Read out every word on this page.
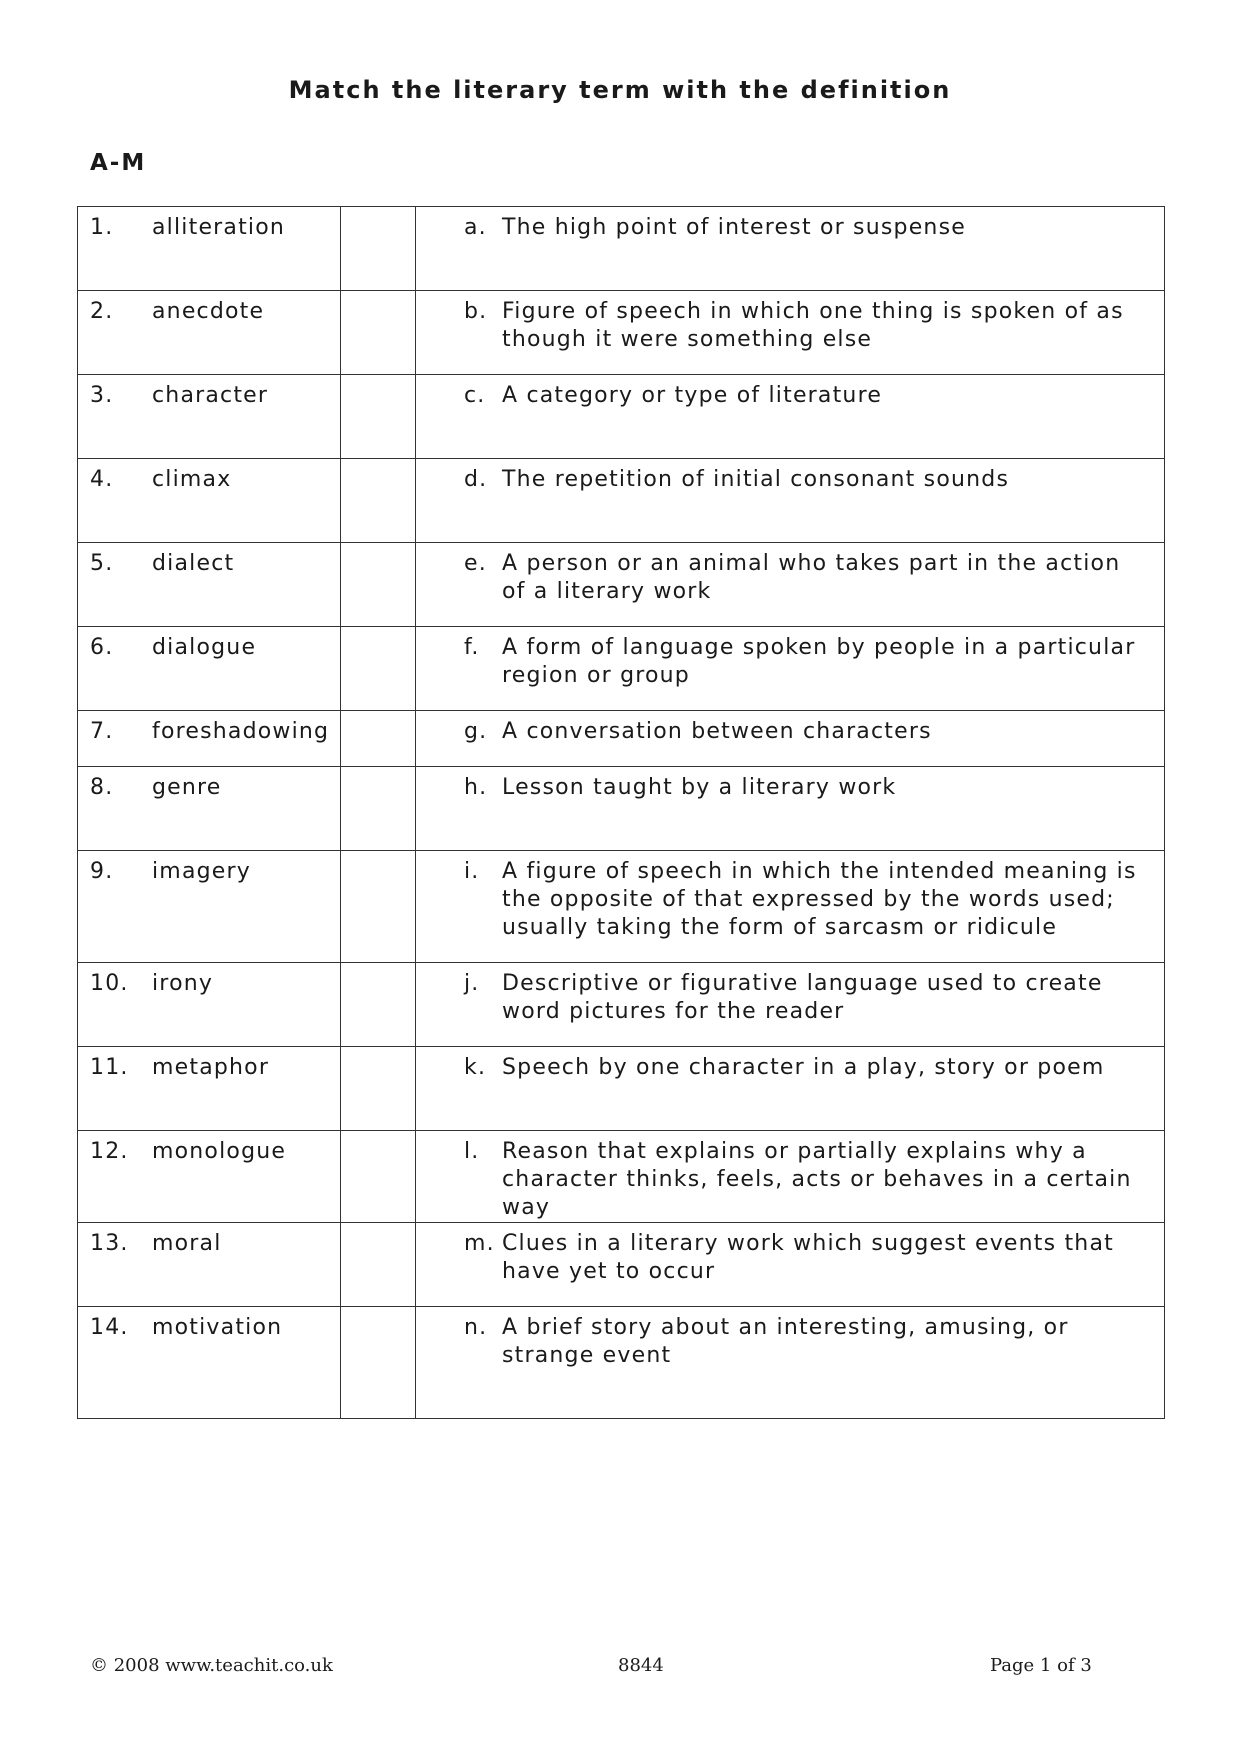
Match the literary term with the definition
A-M
1. alliteration		a. The high point of interest or suspense

2. anecdote		b. Figure of speech in which one thing is spoken of as though it were something else

3. character		c. A category or type of literature

4. climax		d. The repetition of initial consonant sounds

5. dialect		e. A person or an animal who takes part in the action of a literary work

6. dialogue		f. A form of language spoken by people in a particular region or group

7. foreshadowing		g. A conversation between characters

8. genre		h. Lesson taught by a literary work

9. imagery		i. A figure of speech in which the intended meaning is the opposite of that expressed by the words used; usually taking the form of sarcasm or ridicule

10. irony		j. Descriptive or figurative language used to create word pictures for the reader

11. metaphor		k. Speech by one character in a play, story or poem

12. monologue		l. Reason that explains or partially explains why a character thinks, feels, acts or behaves in a certain way

13. moral		m. Clues in a literary work which suggest events that have yet to occur

14. motivation		n. A brief story about an interesting, amusing, or strange event
© 2008 www.teachit.co.uk	8844	Page 1 of 3
